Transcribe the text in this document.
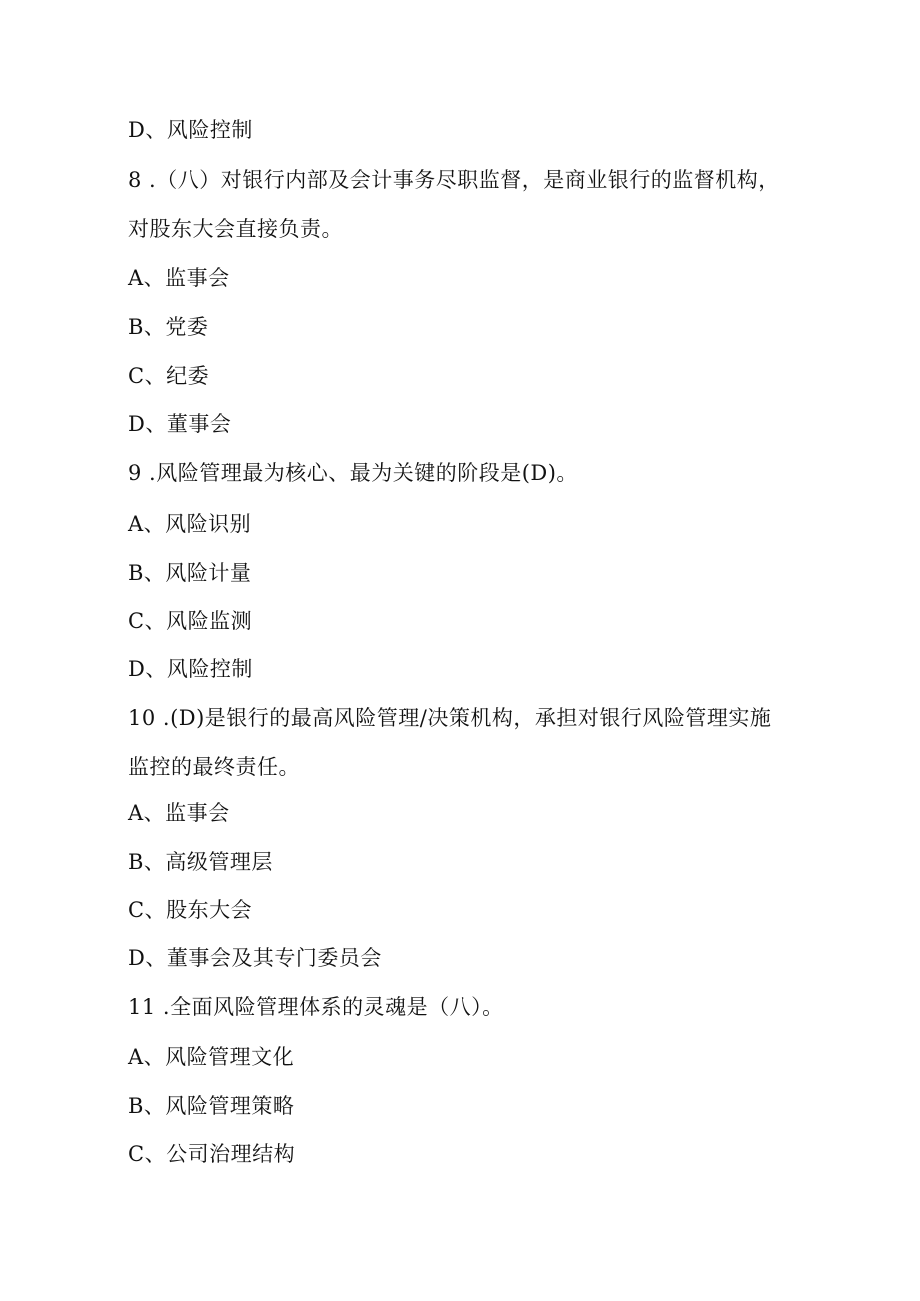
D、风险控制
8 .（八）对银行内部及会计事务尽职监督，是商业银行的监督机构，
对股东大会直接负责。
A、监事会
B、党委
C、纪委
D、董事会
9 .风险管理最为核心、最为关键的阶段是(D)。
A、风险识别
B、风险计量
C、风险监测
D、风险控制
10 .(D)是银行的最高风险管理/决策机构，承担对银行风险管理实施
监控的最终责任。
A、监事会
B、高级管理层
C、股东大会
D、董事会及其专门委员会
11 .全面风险管理体系的灵魂是（八）。
A、风险管理文化
B、风险管理策略
C、公司治理结构
